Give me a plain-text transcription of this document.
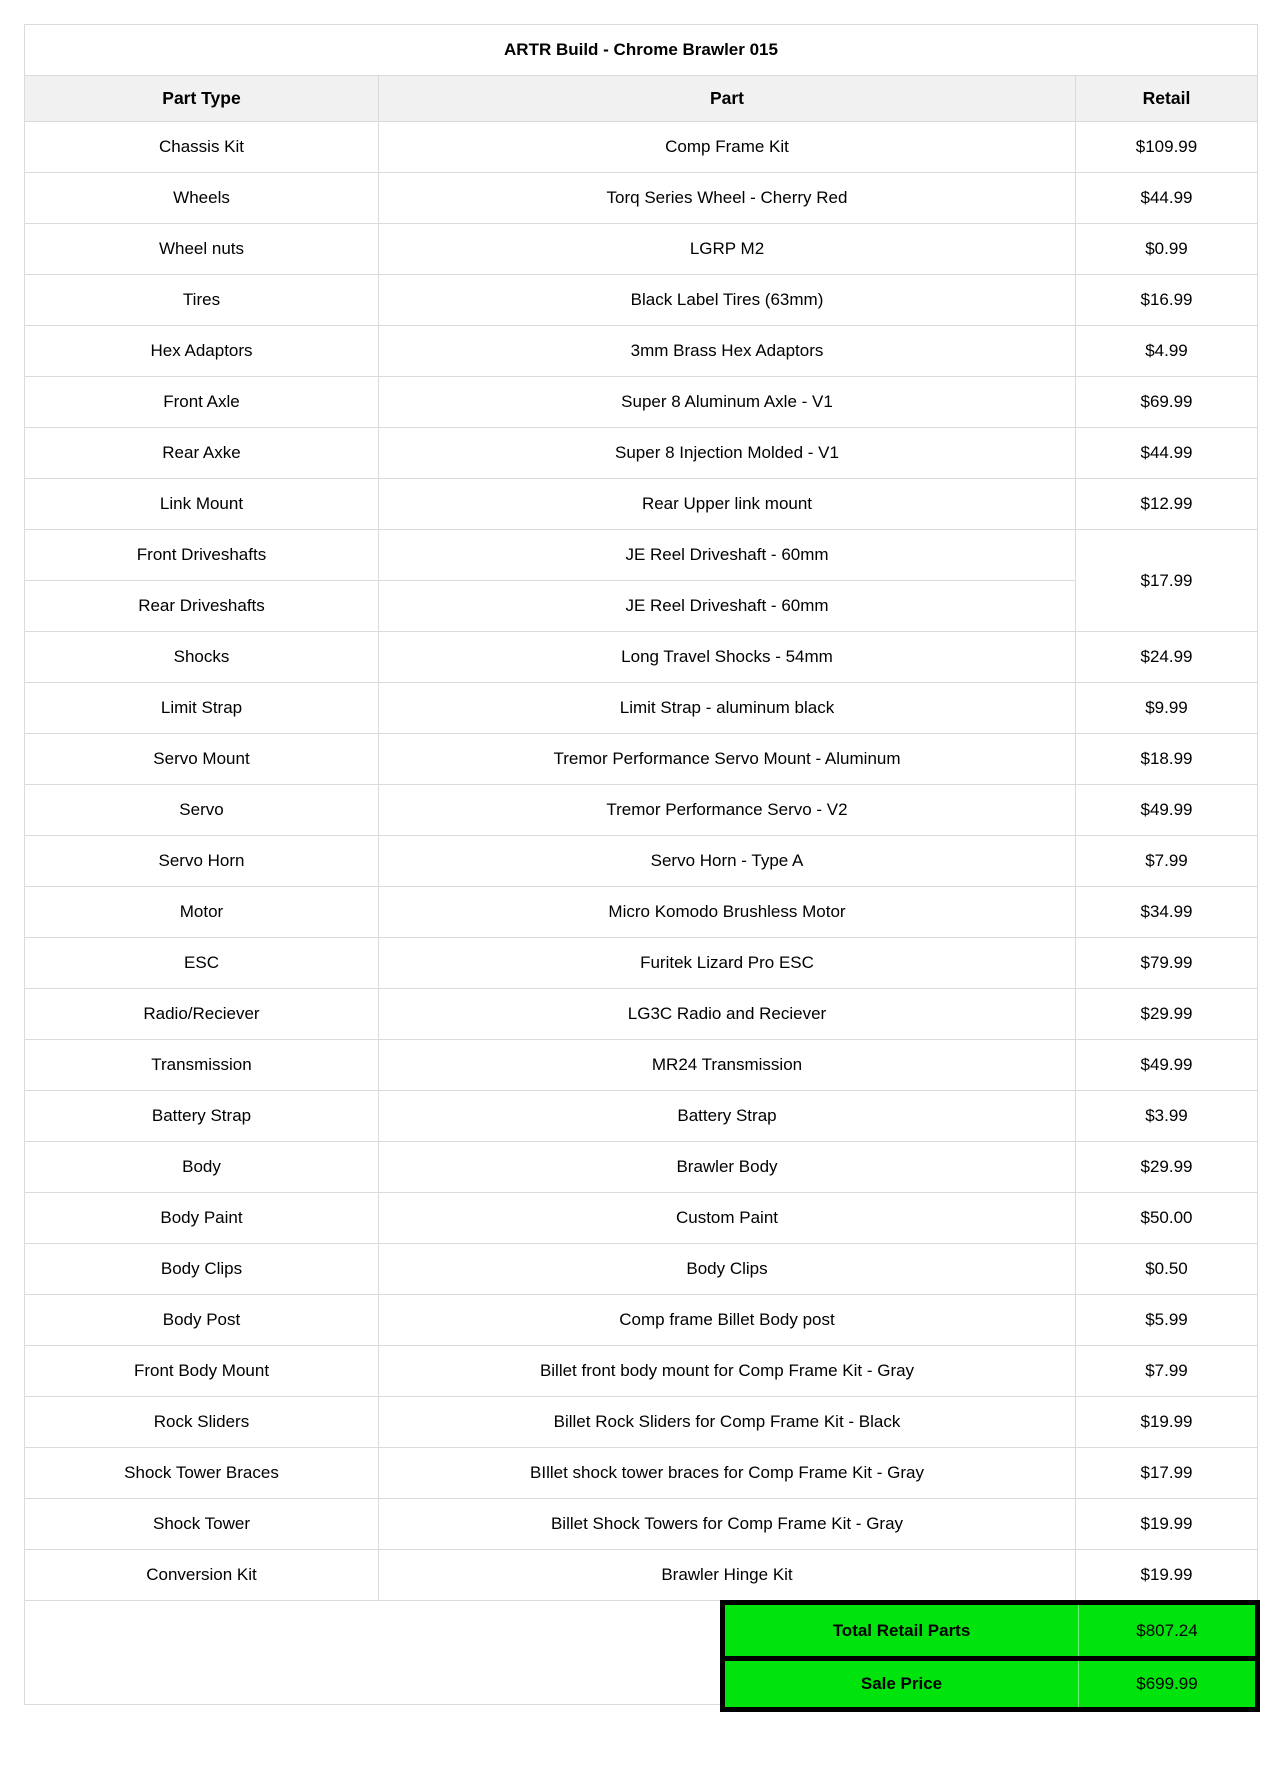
ARTR Build - Chrome Brawler 015		
Part Type	Part	Retail
Chassis Kit	Comp Frame Kit	$109.99
Wheels	Torq Series Wheel - Cherry Red	$44.99
Wheel nuts	LGRP M2	$0.99
Tires	Black Label Tires (63mm)	$16.99
Hex Adaptors	3mm Brass Hex Adaptors	$4.99
Front Axle	Super 8 Aluminum Axle - V1	$69.99
Rear Axke	Super 8 Injection Molded - V1	$44.99
Link Mount	Rear Upper link mount	$12.99
Front Driveshafts	JE Reel Driveshaft - 60mm	$17.99
Rear Driveshafts	JE Reel Driveshaft - 60mm	
Shocks	Long Travel Shocks - 54mm	$24.99
Limit Strap	Limit Strap - aluminum black	$9.99
Servo Mount	Tremor Performance Servo Mount - Aluminum	$18.99
Servo	Tremor Performance Servo - V2	$49.99
Servo Horn	Servo Horn - Type A	$7.99
Motor	Micro Komodo Brushless Motor	$34.99
ESC	Furitek Lizard Pro ESC	$79.99
Radio/Reciever	LG3C Radio and Reciever	$29.99
Transmission	MR24 Transmission	$49.99
Battery Strap	Battery Strap	$3.99
Body	Brawler Body	$29.99
Body Paint	Custom Paint	$50.00
Body Clips	Body Clips	$0.50
Body Post	Comp frame Billet Body post	$5.99
Front Body Mount	Billet front body mount for Comp Frame Kit - Gray	$7.99
Rock Sliders	Billet Rock Sliders for Comp Frame Kit - Black	$19.99
Shock Tower Braces	BIllet shock tower braces for Comp Frame Kit - Gray	$17.99
Shock Tower	Billet Shock Towers for Comp Frame Kit - Gray	$19.99
Conversion Kit	Brawler Hinge Kit	$19.99
Total Retail Parts	$807.24
Sale Price	$699.99
